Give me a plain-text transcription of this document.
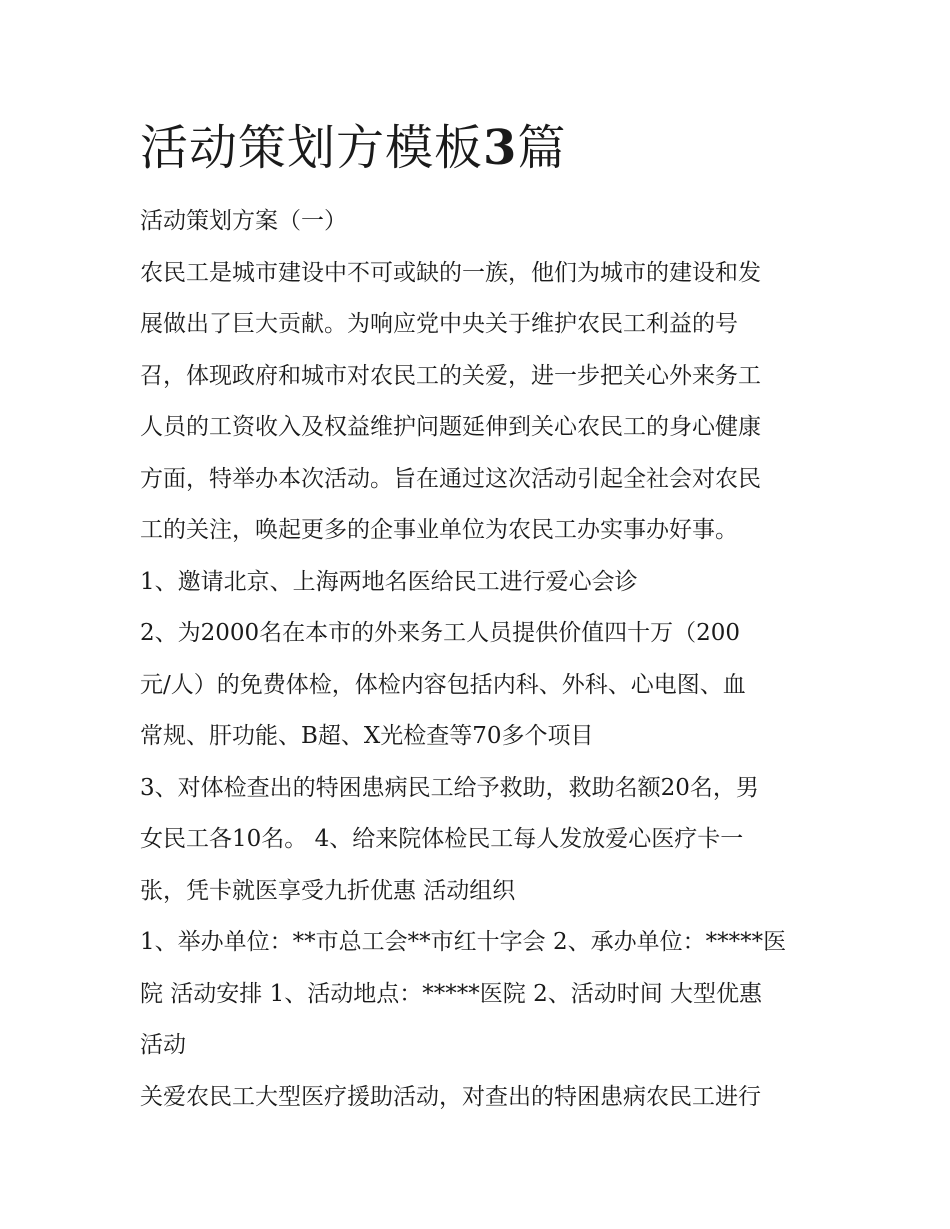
活动策划方模板3篇

活动策划方案（一）

农民工是城市建设中不可或缺的一族，他们为城市的建设和发

展做出了巨大贡献。为响应党中央关于维护农民工利益的号

召，体现政府和城市对农民工的关爱，进一步把关心外来务工

人员的工资收入及权益维护问题延伸到关心农民工的身心健康

方面，特举办本次活动。旨在通过这次活动引起全社会对农民

工的关注，唤起更多的企事业单位为农民工办实事办好事。

1、邀请北京、上海两地名医给民工进行爱心会诊

2、为2000名在本市的外来务工人员提供价值四十万（200

元/人）的免费体检，体检内容包括内科、外科、心电图、血

常规、肝功能、B超、X光检查等70多个项目

3、对体检查出的特困患病民工给予救助，救助名额20名，男

女民工各10名。 4、给来院体检民工每人发放爱心医疗卡一

张，凭卡就医享受九折优惠 活动组织

1、举办单位：**市总工会**市红十字会 2、承办单位：*****医

院 活动安排 1、活动地点：*****医院 2、活动时间 大型优惠

活动

关爱农民工大型医疗援助活动，对查出的特困患病农民工进行
